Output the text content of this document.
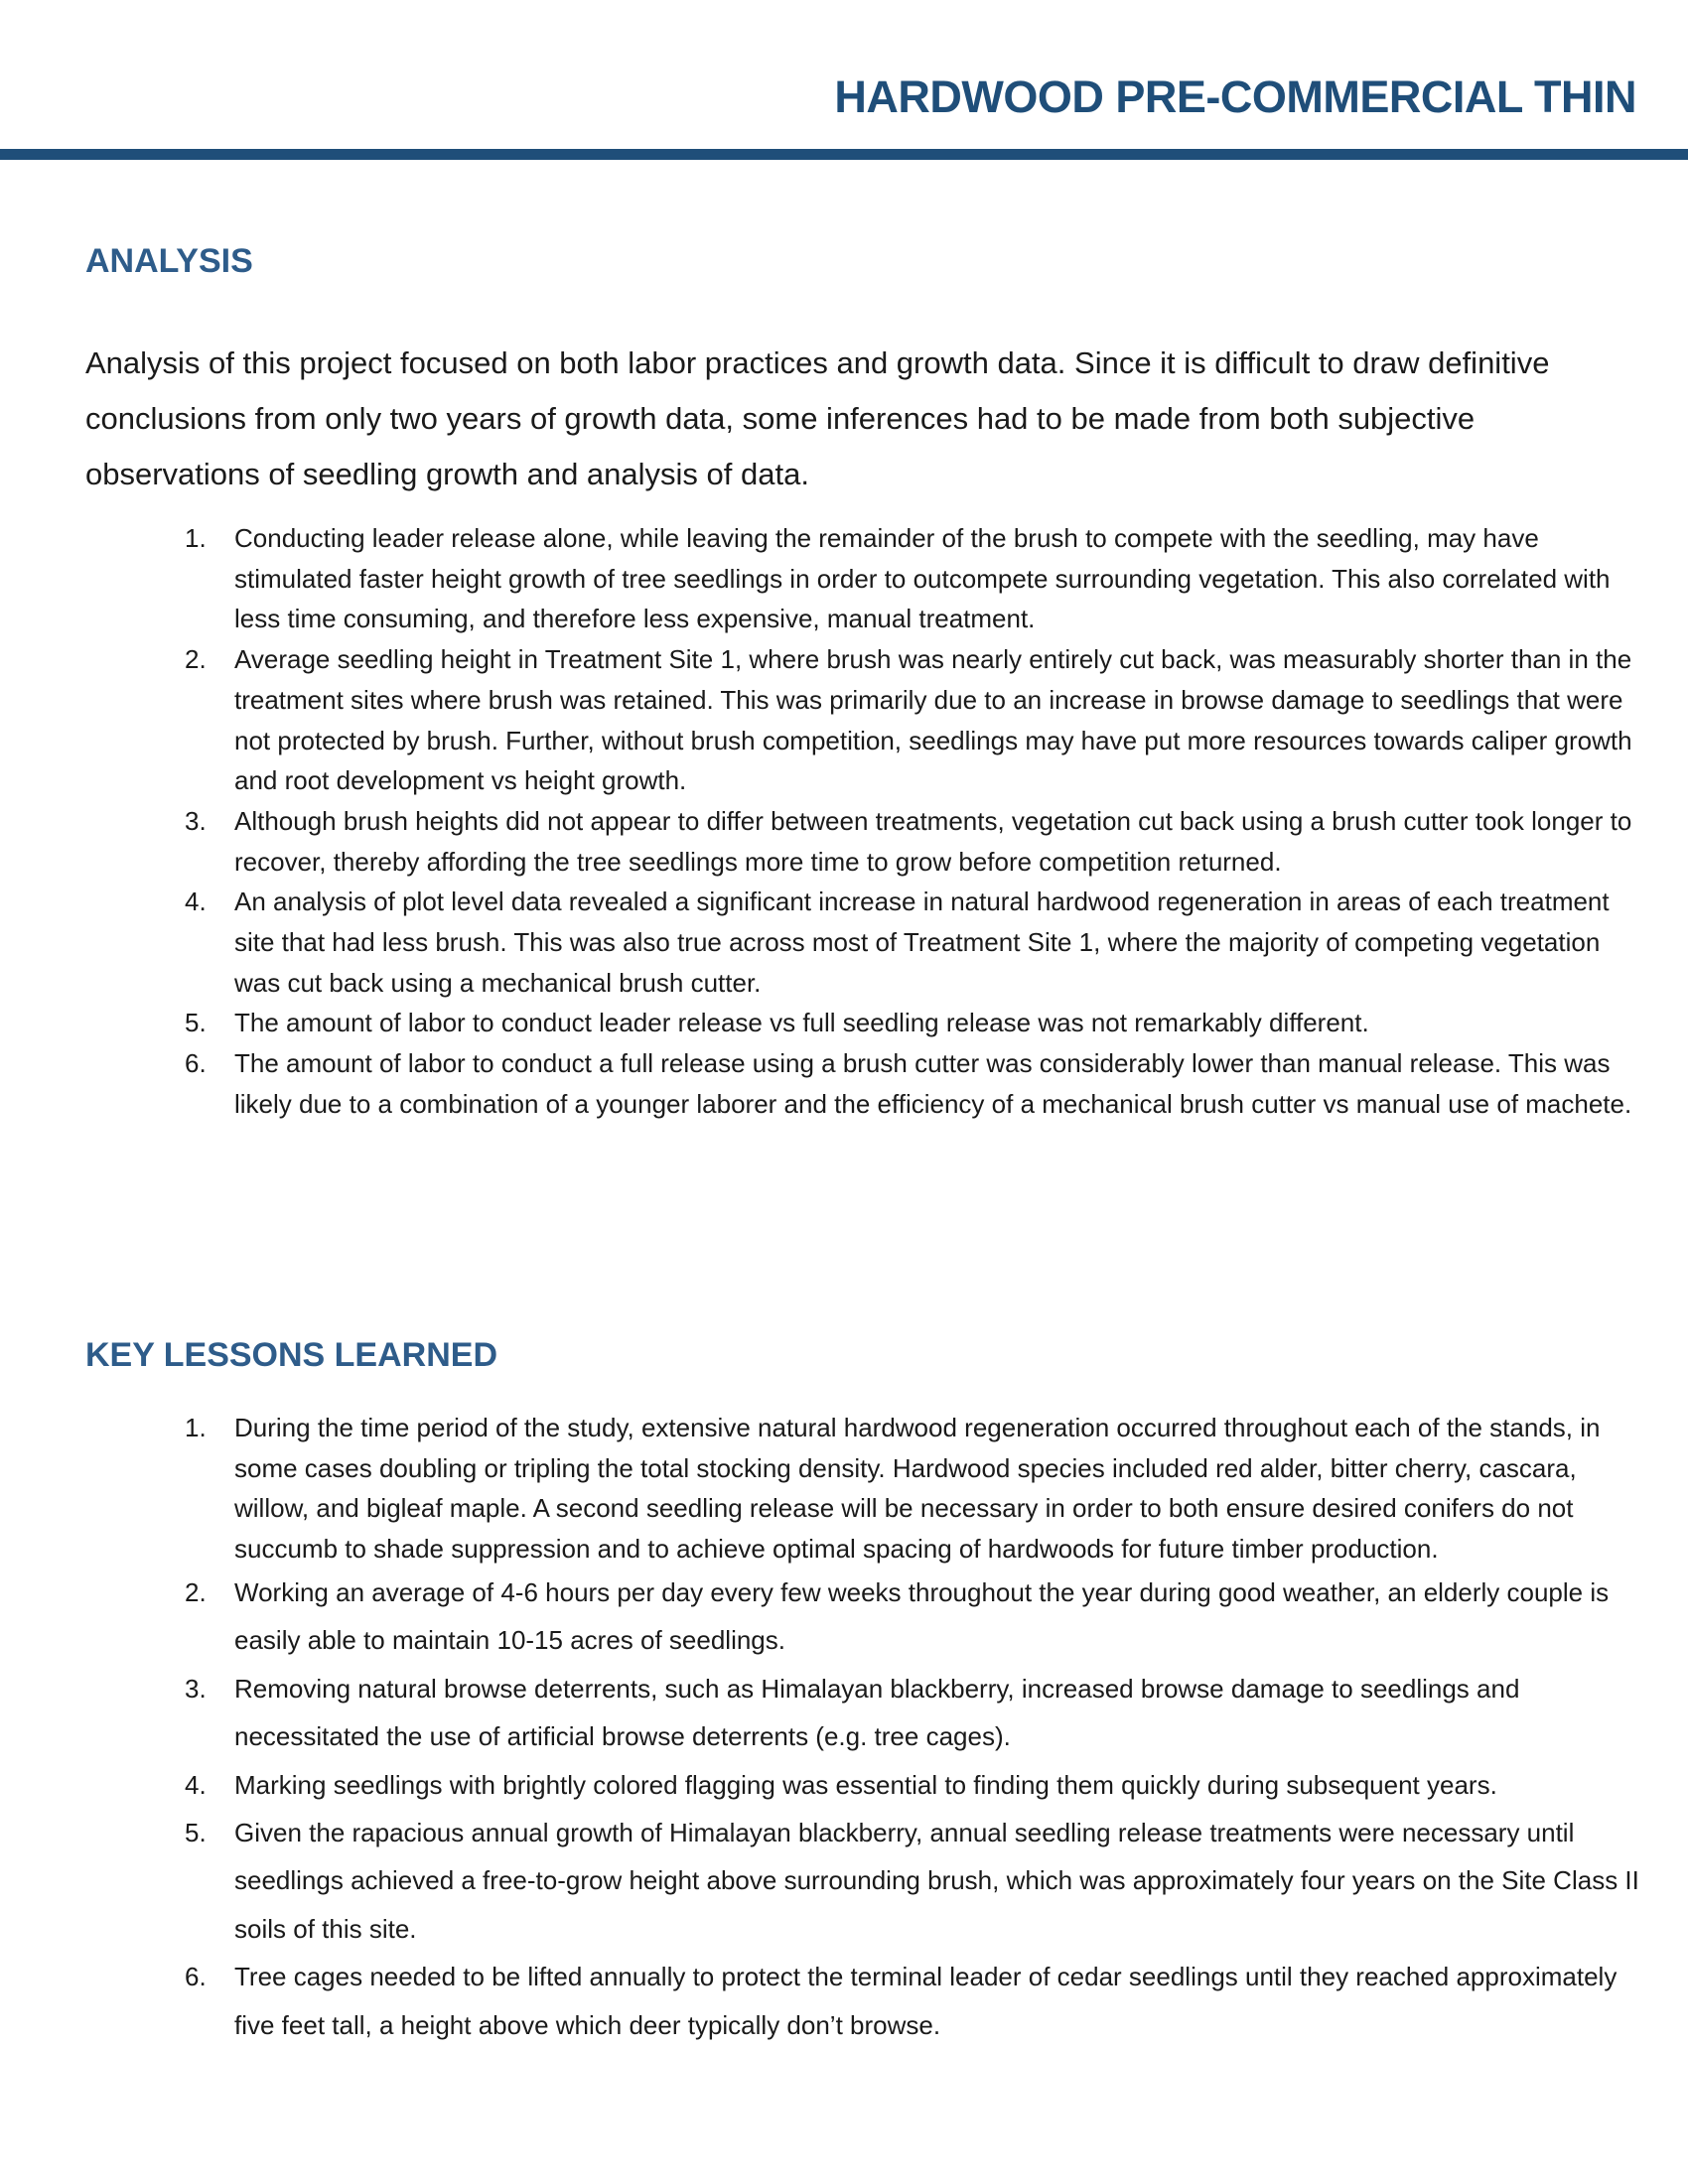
HARDWOOD PRE-COMMERCIAL THIN
ANALYSIS

Analysis of this project focused on both labor practices and growth data. Since it is difficult to draw definitive conclusions from only two years of growth data, some inferences had to be made from both subjective observations of seedling growth and analysis of data.

1. Conducting leader release alone, while leaving the remainder of the brush to compete with the seedling, may have stimulated faster height growth of tree seedlings in order to outcompete surrounding vegetation. This also correlated with less time consuming, and therefore less expensive, manual treatment.
2. Average seedling height in Treatment Site 1, where brush was nearly entirely cut back, was measurably shorter than in the treatment sites where brush was retained. This was primarily due to an increase in browse damage to seedlings that were not protected by brush. Further, without brush competition, seedlings may have put more resources towards caliper growth and root development vs height growth.
3. Although brush heights did not appear to differ between treatments, vegetation cut back using a brush cutter took longer to recover, thereby affording the tree seedlings more time to grow before competition returned.
4. An analysis of plot level data revealed a significant increase in natural hardwood regeneration in areas of each treatment site that had less brush. This was also true across most of Treatment Site 1, where the majority of competing vegetation was cut back using a mechanical brush cutter.
5. The amount of labor to conduct leader release vs full seedling release was not remarkably different.
6. The amount of labor to conduct a full release using a brush cutter was considerably lower than manual release. This was likely due to a combination of a younger laborer and the efficiency of a mechanical brush cutter vs manual use of machete.
KEY LESSONS LEARNED
1. During the time period of the study, extensive natural hardwood regeneration occurred throughout each of the stands, in some cases doubling or tripling the total stocking density. Hardwood species included red alder, bitter cherry, cascara, willow, and bigleaf maple. A second seedling release will be necessary in order to both ensure desired conifers do not succumb to shade suppression and to achieve optimal spacing of hardwoods for future timber production.
2. Working an average of 4-6 hours per day every few weeks throughout the year during good weather, an elderly couple is easily able to maintain 10-15 acres of seedlings.
3. Removing natural browse deterrents, such as Himalayan blackberry, increased browse damage to seedlings and necessitated the use of artificial browse deterrents (e.g. tree cages).
4. Marking seedlings with brightly colored flagging was essential to finding them quickly during subsequent years.
5. Given the rapacious annual growth of Himalayan blackberry, annual seedling release treatments were necessary until seedlings achieved a free-to-grow height above surrounding brush, which was approximately four years on the Site Class II soils of this site.
6. Tree cages needed to be lifted annually to protect the terminal leader of cedar seedlings until they reached approximately five feet tall, a height above which deer typically don’t browse.
